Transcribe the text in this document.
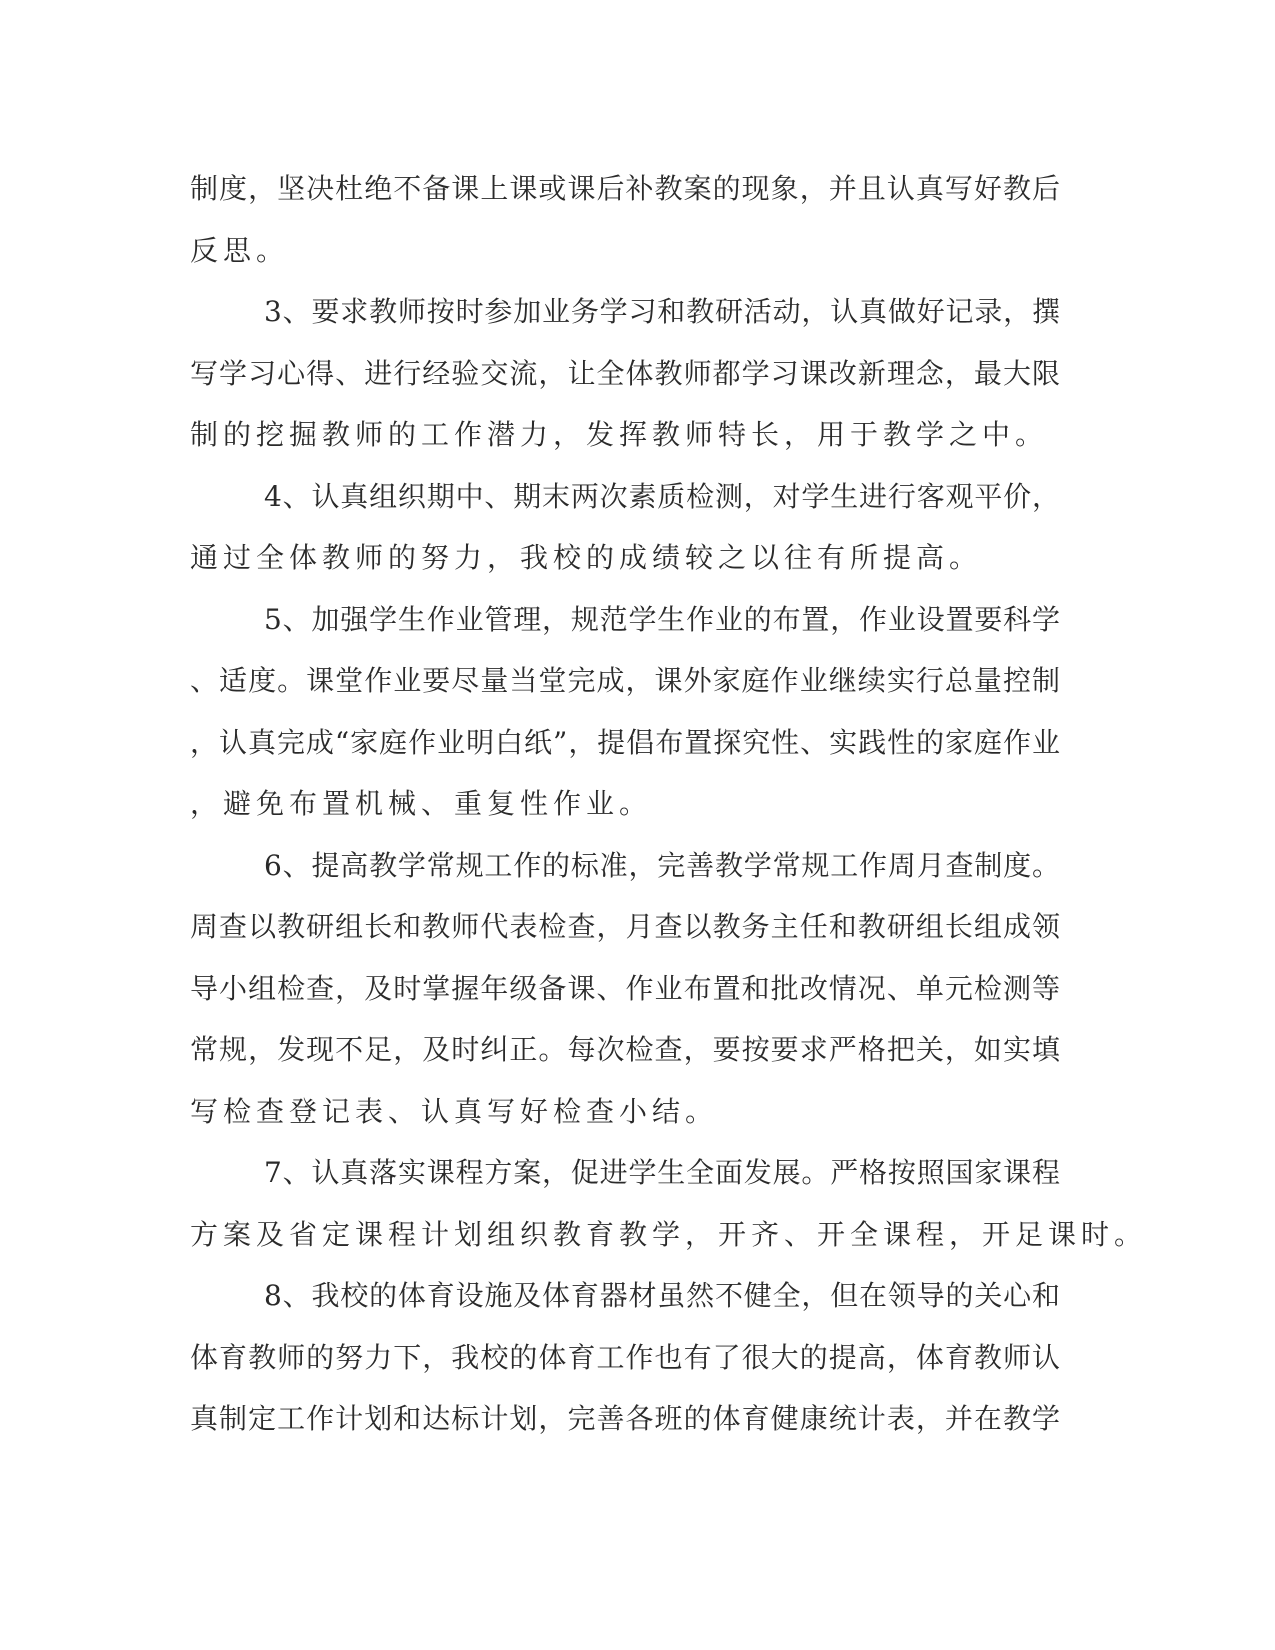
制度，坚决杜绝不备课上课或课后补教案的现象，并且认真写好教后
反思。
3、要求教师按时参加业务学习和教研活动，认真做好记录，撰
写学习心得、进行经验交流，让全体教师都学习课改新理念，最大限
制的挖掘教师的工作潜力，发挥教师特长，用于教学之中。
4、认真组织期中、期末两次素质检测，对学生进行客观平价，
通过全体教师的努力，我校的成绩较之以往有所提高。
5、加强学生作业管理，规范学生作业的布置，作业设置要科学
、适度。课堂作业要尽量当堂完成，课外家庭作业继续实行总量控制
，认真完成“家庭作业明白纸”，提倡布置探究性、实践性的家庭作业
，避免布置机械、重复性作业。
6、提高教学常规工作的标准，完善教学常规工作周月查制度。
周查以教研组长和教师代表检查，月查以教务主任和教研组长组成领
导小组检查，及时掌握年级备课、作业布置和批改情况、单元检测等
常规，发现不足，及时纠正。每次检查，要按要求严格把关，如实填
写检查登记表、认真写好检查小结。
7、认真落实课程方案，促进学生全面发展。严格按照国家课程
方案及省定课程计划组织教育教学，开齐、开全课程，开足课时。
8、我校的体育设施及体育器材虽然不健全，但在领导的关心和
体育教师的努力下，我校的体育工作也有了很大的提高，体育教师认
真制定工作计划和达标计划，完善各班的体育健康统计表，并在教学
